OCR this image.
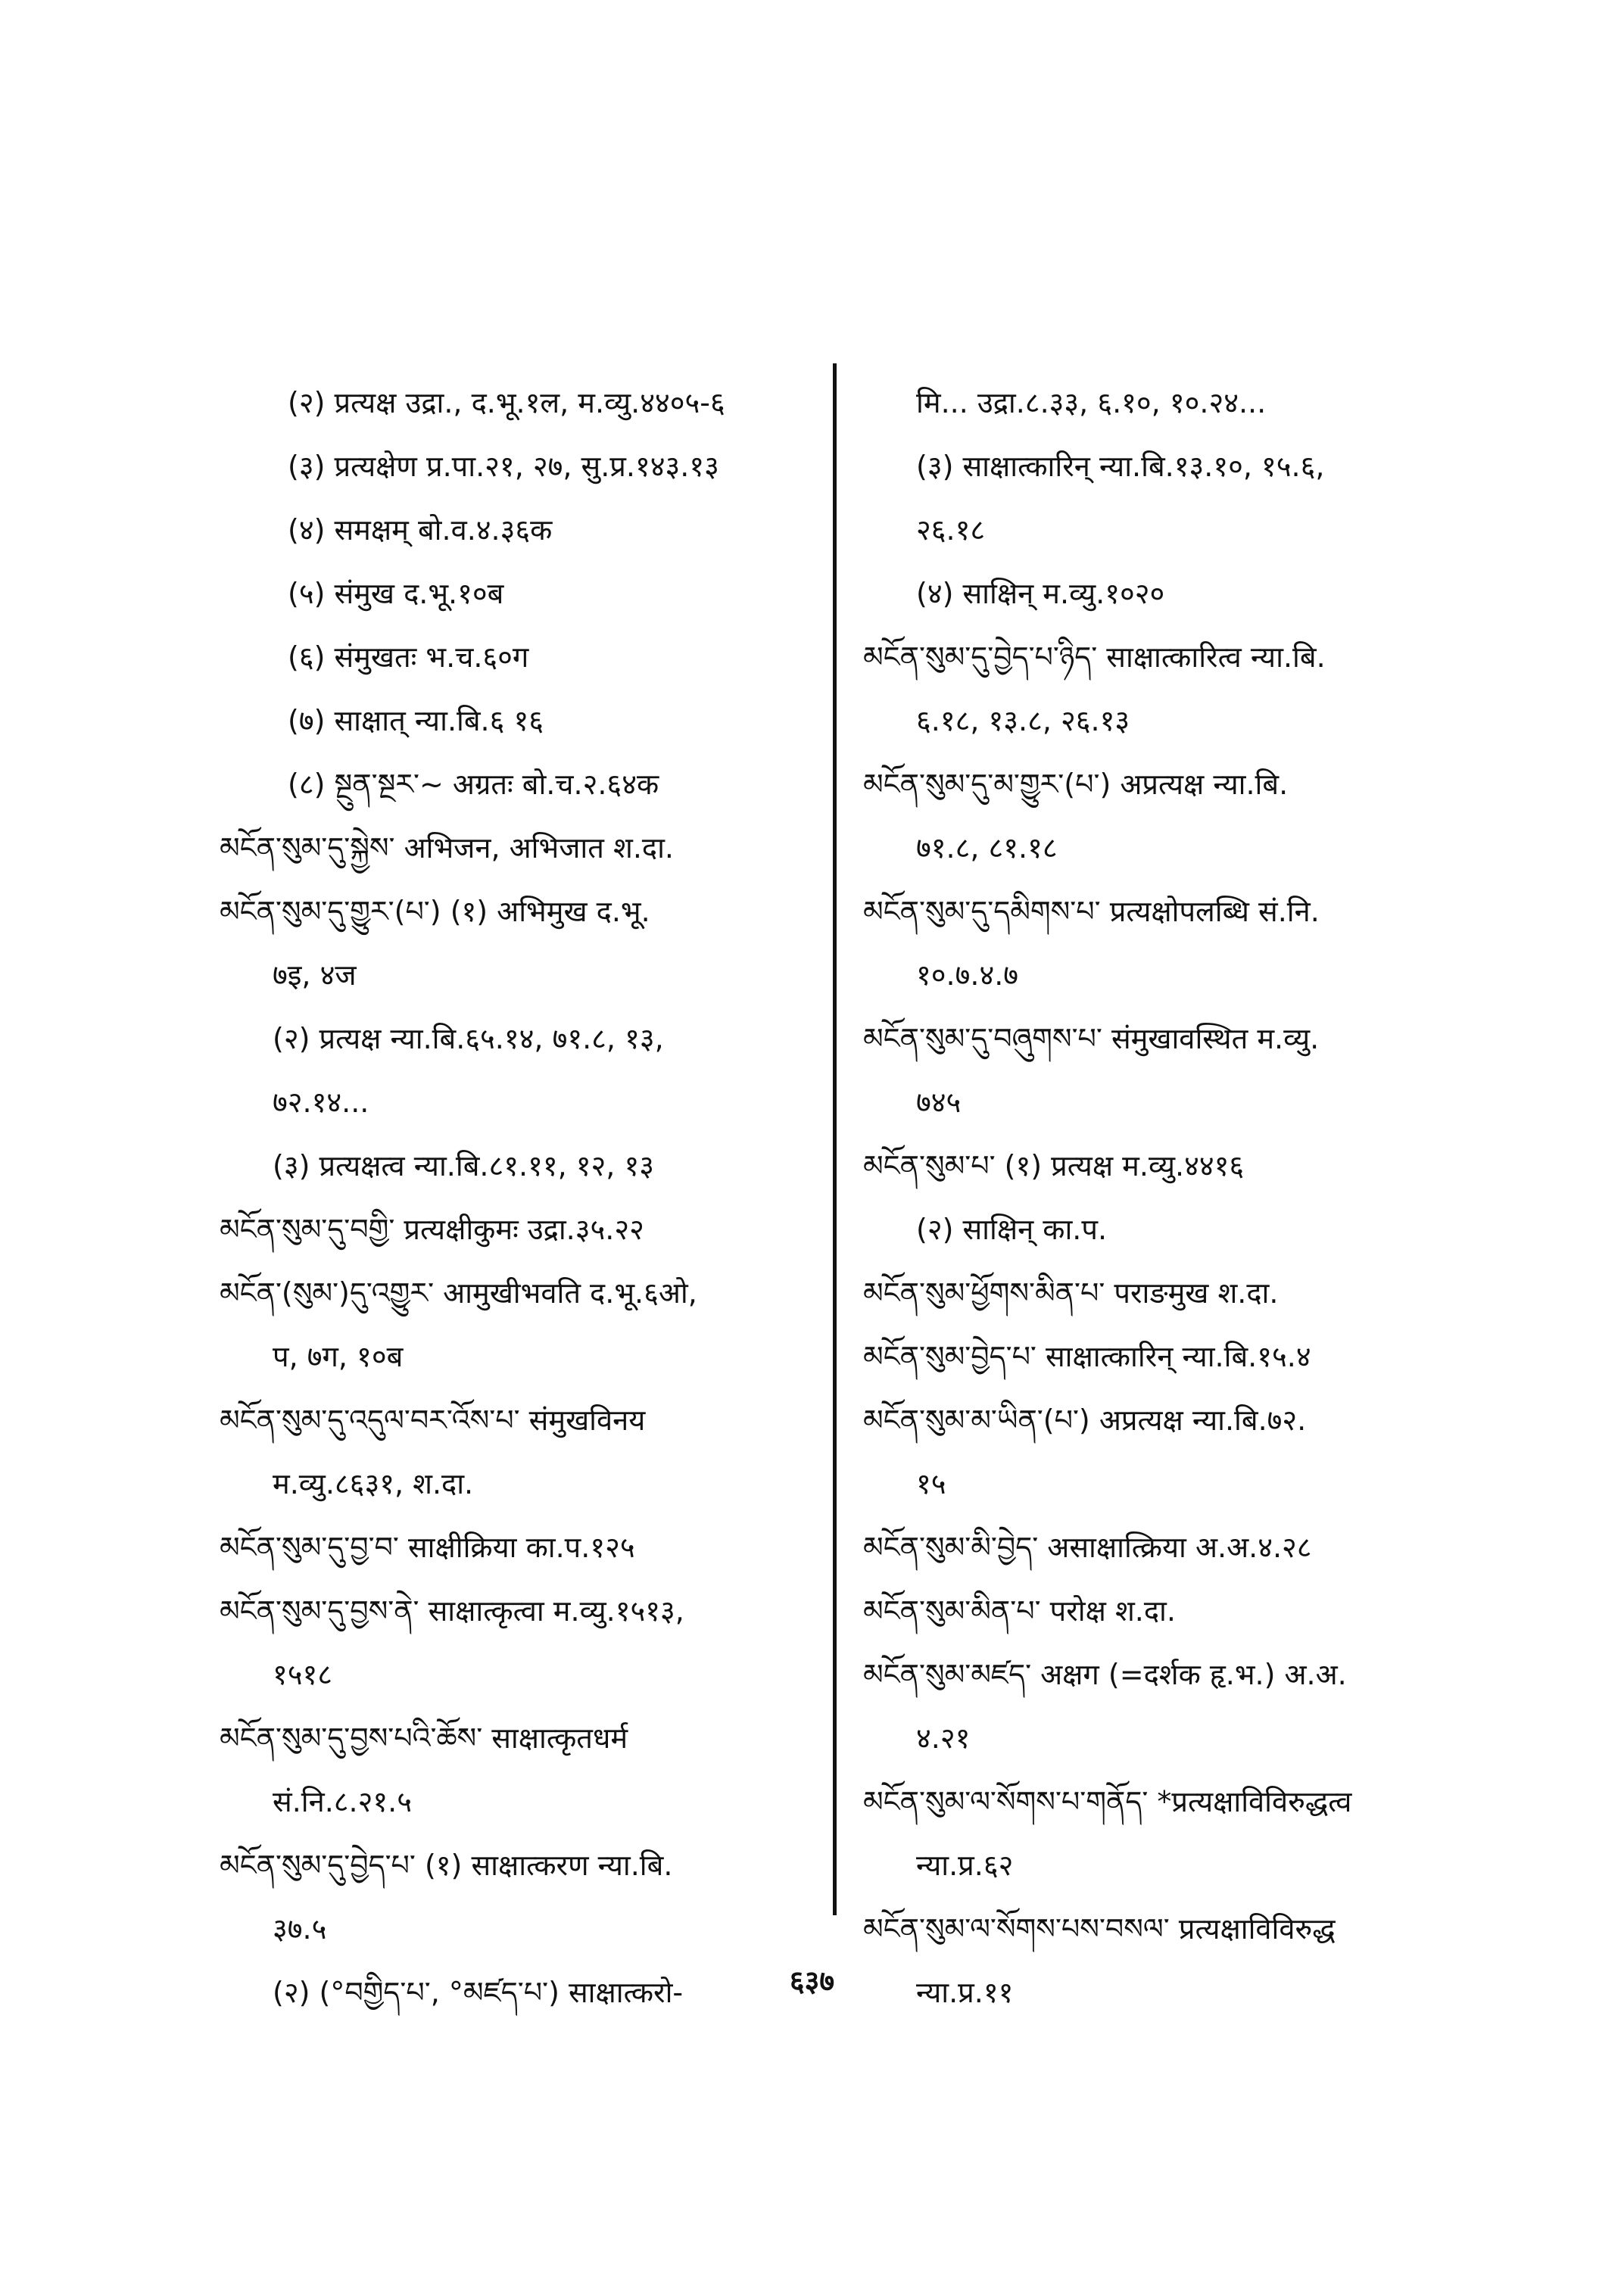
(२) प्रत्यक्ष उद्रा., द.भू.१ल, म.व्यु.४४०५-६
(३) प्रत्यक्षेण प्र.पा.२१, २७, सु.प्र.१४३.१३
(४) समक्षम् बो.व.४.३६क
(५) संमुख द.भू.१०ब
(६) संमुखतः भ.च.६०ग
(७) साक्षात् न्या.बि.६ १६
(८) སྔུན་སྔར་~ अग्रतः बो.च.२.६४क
མངོན་སུམ་དུ་སྐྱེས་ अभिजन, अभिजात श.दा.
མངོན་སུམ་དུ་གྱུར་(པ་) (१) अभिमुख द.भू.
७इ, ४ज
(२) प्रत्यक्ष न्या.बि.६५.१४, ७१.८, १३,
७२.१४...
(३) प्रत्यक्षत्व न्या.बि.८१.११, १२, १३
མངོན་སུམ་དུ་བགྱི་ प्रत्यक्षीकुमः उद्रा.३५.२२
མངོན་(སུམ་)དུ་འགྱུར་ आमुखीभवति द.भू.६ओ,
प, ७ग, १०ब
མངོན་སུམ་དུ་འདུལ་བར་འོས་པ་ संमुखविनय
म.व्यु.८६३१, श.दा.
མངོན་སུམ་དུ་བྱ་བ་ साक्षीक्रिया का.प.१२५
མངོན་སུམ་དུ་བྱས་ནེ་ साक्षात्कृत्वा म.व्यु.१५१३,
१५१८
མངོན་སུམ་དུ་བྱས་པའི་ཆོས་ साक्षात्कृतधर्म
सं.नि.८.२१.५
མངོན་སུམ་དུ་བྱེད་པ་ (१) साक्षात्करण न्या.बि.
३७.५
(२) (°བགྱིད་པ་, °མཛད་པ་) साक्षात्करो-
मि... उद्रा.८.३३, ६.१०, १०.२४...
(३) साक्षात्कारिन् न्या.बि.१३.१०, १५.६,
२६.१८
(४) साक्षिन् म.व्यु.१०२०
མངོན་སུམ་དུ་བྱེད་པ་ཉིད་ साक्षात्कारित्व न्या.बि.
६.१८, १३.८, २६.१३
མངོན་སུམ་དུ་མ་གྱུར་(པ་) अप्रत्यक्ष न्या.बि.
७१.८, ८१.१८
མངོན་སུམ་དུ་དམིགས་པ་ प्रत्यक्षोपलब्धि सं.नि.
१०.७.४.७
མངོན་སུམ་དུ་བཞུགས་པ་ संमुखावस्थित म.व्यु.
७४५
མངོན་སུམ་པ་ (१) प्रत्यक्ष म.व्यु.४४१६
(२) साक्षिन् का.प.
མངོན་སུམ་ཕྱོགས་མིན་པ་ पराङमुख श.दा.
མངོན་སུམ་བྱེད་པ་ साक्षात्कारिन् न्या.बि.१५.४
མངོན་སུམ་མ་ཡིན་(པ་) अप्रत्यक्ष न्या.बि.७२.
१५
མངོན་སུམ་མི་བྱེད་ असाक्षात्क्रिया अ.अ.४.२८
མངོན་སུམ་མིན་པ་ परोक्ष श.दा.
མངོན་སུམ་མཛད་ अक्षग (=दर्शक हृ.भ.) अ.अ.
४.२१
མངོན་སུམ་ལ་སོགས་པ་གནོད་ *प्रत्यक्षाविविरुद्धत्व
न्या.प्र.६२
མངོན་སུམ་ལ་སོགས་པས་བསལ་ प्रत्यक्षाविविरुद्ध
न्या.प्र.११
६३७
